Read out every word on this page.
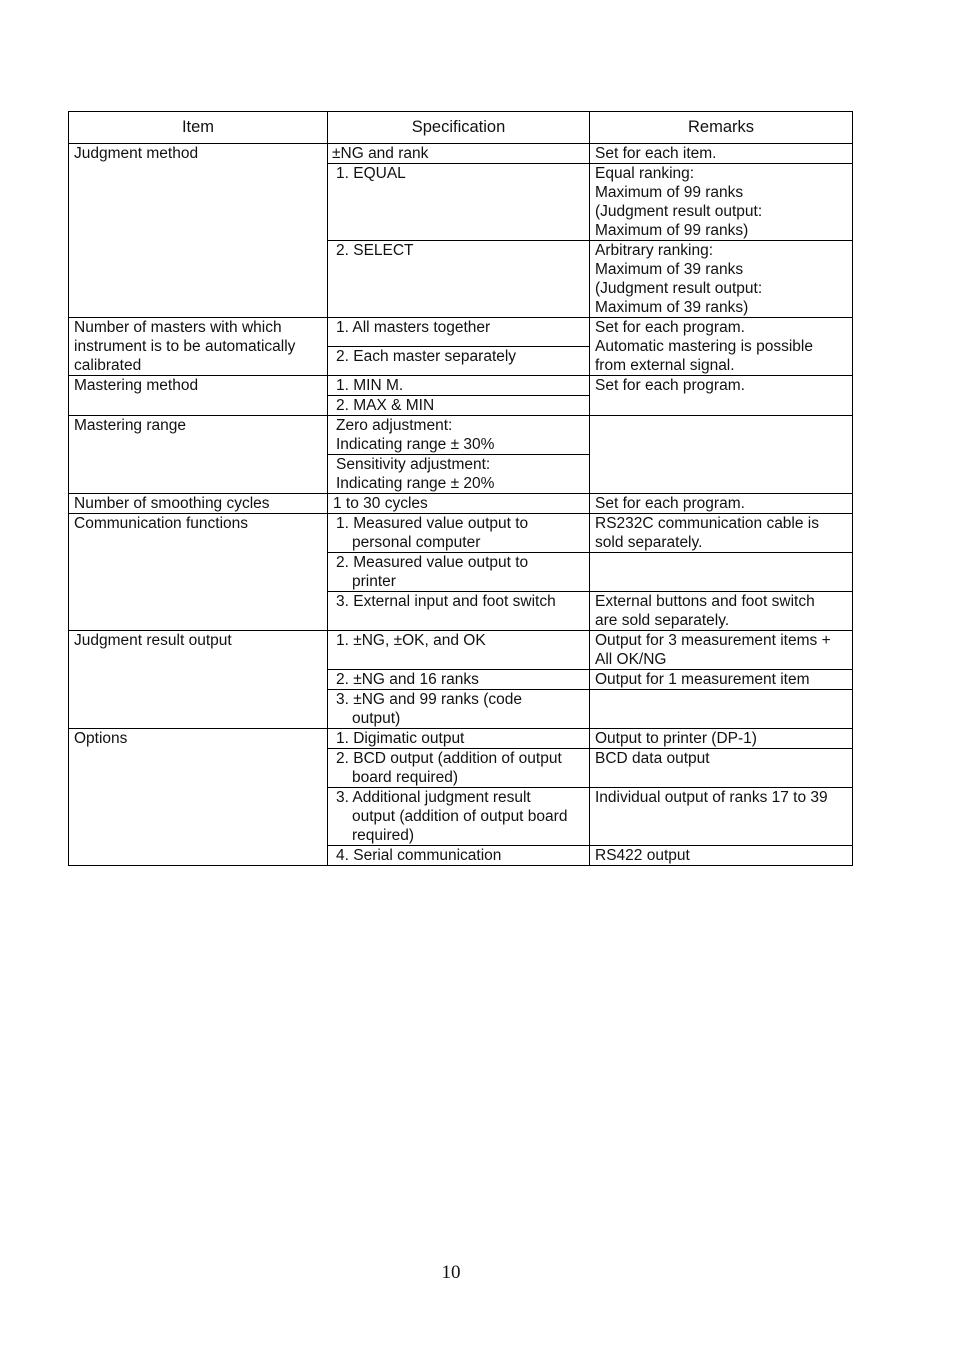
Item	Specification	Remarks
Judgment method	±NG and rank	Set for each item.
	1. EQUAL	Equal ranking:
Maximum of 99 ranks
(Judgment result output:
Maximum of 99 ranks)

	2. SELECT	Arbitrary ranking:
Maximum of 39 ranks
(Judgment result output:
Maximum of 39 ranks)

Number of masters with which
instrument is to be automatically
calibrated	1. All masters together	Set for each program.
Automatic mastering is possible
from external signal.

	2. Each master separately	
Mastering method	1. MIN M.	Set for each program.
	2. MAX & MIN	
Mastering range	Zero adjustment:
Indicating range ± 30%	

	Sensitivity adjustment:
Indicating range ± 20%	

Number of smoothing cycles	1 to 30 cycles	Set for each program.
Communication functions	1. Measured value output to
personal computer	RS232C communication cable is
sold separately.

	2. Measured value output to
printer	

	3. External input and foot switch	External buttons and foot switch
are sold separately.

Judgment result output	1. ±NG, ±OK, and OK	Output for 3 measurement items +
All OK/NG

	2. ±NG and 16 ranks	Output for 1 measurement item

	3. ±NG and 99 ranks (code
output)	

Options	1. Digimatic output	Output to printer (DP-1)

	2. BCD output (addition of output
board required)	BCD data output

	3. Additional judgment result
output (addition of output board
required)	Individual output of ranks 17 to 39
	4. Serial communication	RS422 output
10
